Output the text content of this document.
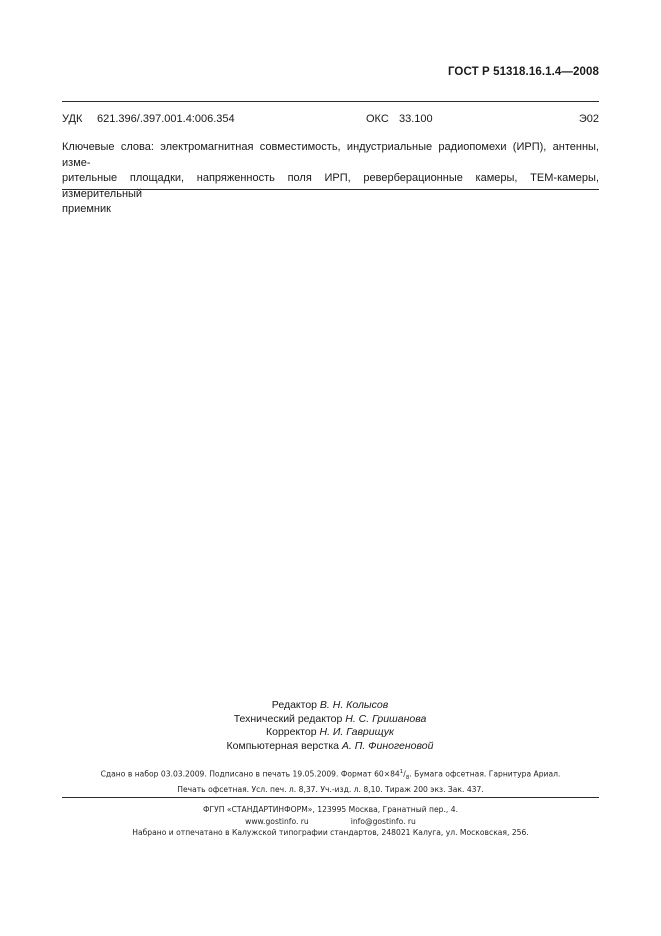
ГОСТ Р 51318.16.1.4—2008
УДК 621.396/.397.001.4:006.354	ОКС 33.100	Э02
Ключевые слова: электромагнитная совместимость, индустриальные радиопомехи (ИРП), антенны, изме-
рительные площадки, напряженность поля ИРП, реверберационные камеры, ТЕМ-камеры, измерительный
приемник
Редактор В. Н. Колысов
Технический редактор Н. С. Гришанова
Корректор Н. И. Гаврищук
Компьютерная верстка А. П. Финогеновой
Сдано в набор 03.03.2009. Подписано в печать 19.05.2009. Формат $60\times 84^1/_8$. Бумага офсетная. Гарнитура Ариал.
Печать офсетная. Усл. печ. л. 8,37. Уч.-изд. л. 8,10. Тираж 200 экз. Зак. 437.
ФГУП «СТАНДАРТИНФОРМ», 123995 Москва, Гранатный пер., 4.
www.gostinfo. ru	info@gostinfo. ru
Набрано и отпечатано в Калужской типографии стандартов, 248021 Калуга, ул. Московская, 256.
